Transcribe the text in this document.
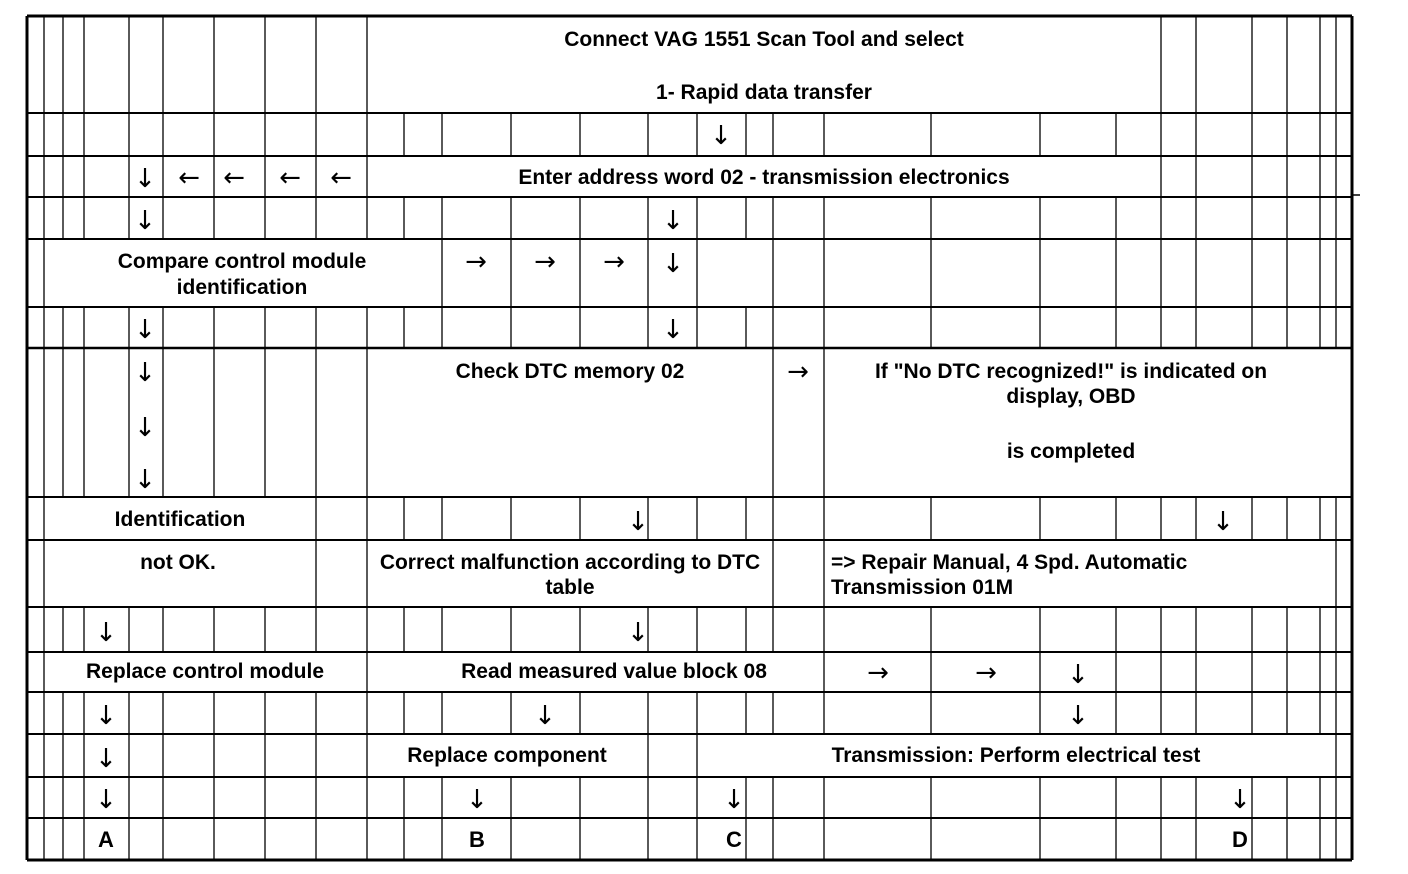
Connect VAG 1551 Scan Tool and select
1- Rapid data transfer
Enter address word 02 - transmission electronics
Compare control module
identification
Check DTC memory 02	If "No DTC recognized!" is indicated on
display, OBD
is completed
Identification
not OK.	Correct malfunction according to DTC
table
=> Repair Manual, 4 Spd. Automatic
Transmission 01M
Replace control module	Read measured value block 08
Replace component	Transmission: Perform electrical test
A	B	C	D
↓
↓ ← ← ← ←
↓	↓
→ → → ↓
↓	↓
↓
↓
↓
→
↓	↓
↓	↓
→	→	↓
↓	↓	↓
↓
↓	↓	↓	↓
